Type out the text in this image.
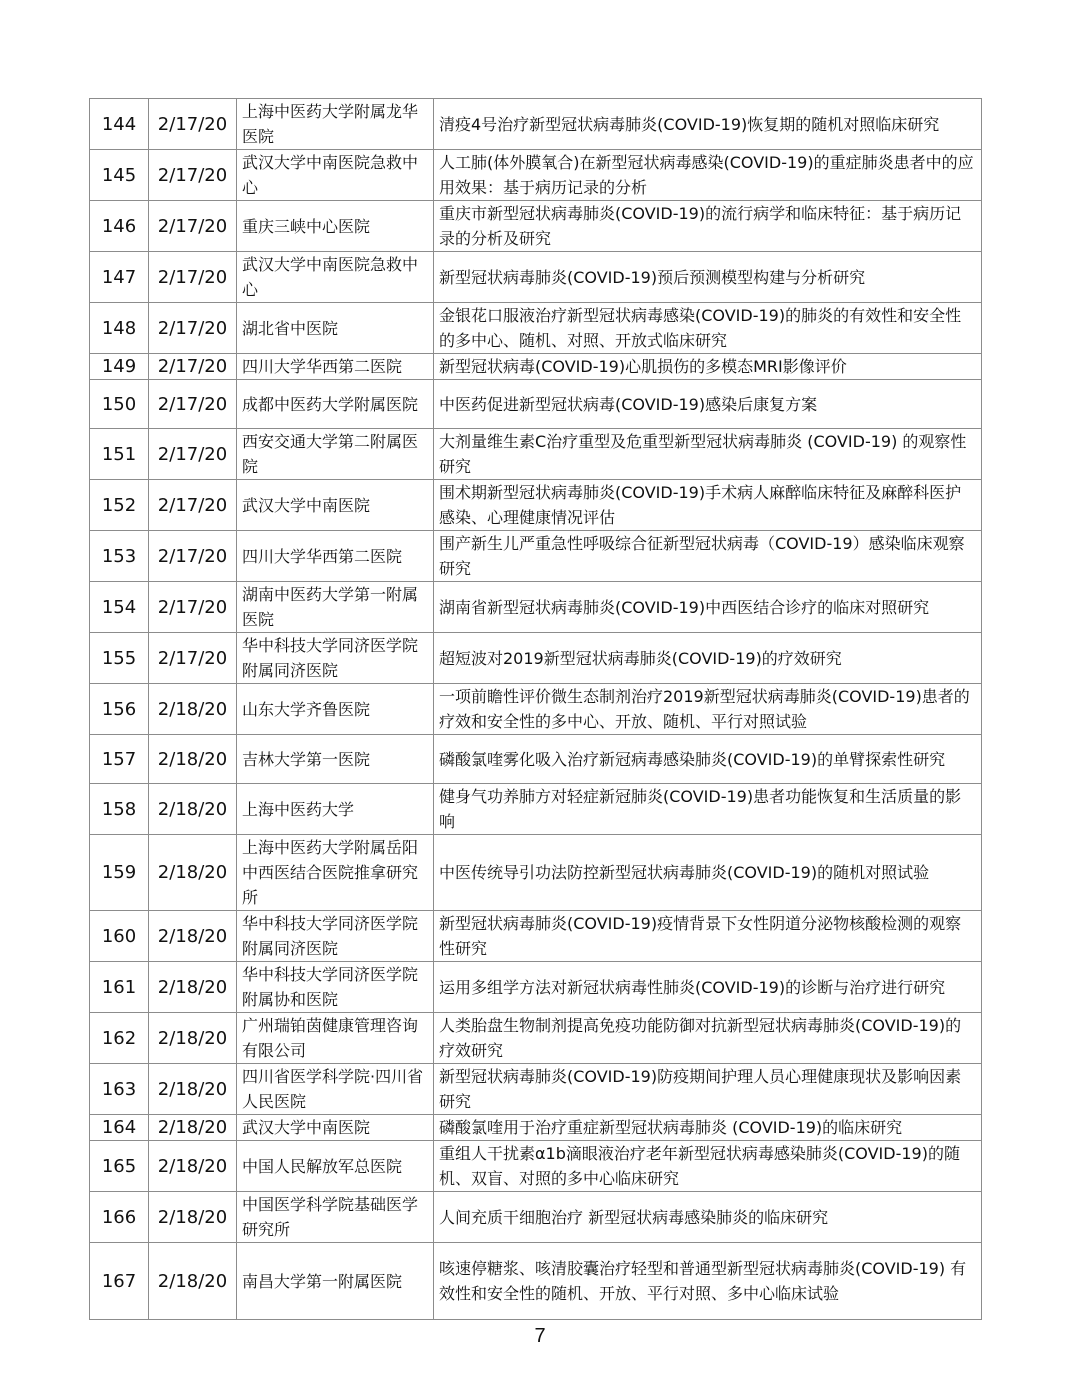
144	2/17/20	上海中医药大学附属龙华医院	清疫4号治疗新型冠状病毒肺炎(COVID-19)恢复期的随机对照临床研究
145	2/17/20	武汉大学中南医院急救中心	人工肺(体外膜氧合)在新型冠状病毒感染(COVID-19)的重症肺炎患者中的应用效果：基于病历记录的分析
146	2/17/20	重庆三峡中心医院	重庆市新型冠状病毒肺炎(COVID-19)的流行病学和临床特征：基于病历记录的分析及研究
147	2/17/20	武汉大学中南医院急救中心	新型冠状病毒肺炎(COVID-19)预后预测模型构建与分析研究
148	2/17/20	湖北省中医院	金银花口服液治疗新型冠状病毒感染(COVID-19)的肺炎的有效性和安全性的多中心、随机、对照、开放式临床研究
149	2/17/20	四川大学华西第二医院	新型冠状病毒(COVID-19)心肌损伤的多模态MRI影像评价
150	2/17/20	成都中医药大学附属医院	中医药促进新型冠状病毒(COVID-19)感染后康复方案
151	2/17/20	西安交通大学第二附属医院	大剂量维生素C治疗重型及危重型新型冠状病毒肺炎 (COVID-19) 的观察性研究
152	2/17/20	武汉大学中南医院	围术期新型冠状病毒肺炎(COVID-19)手术病人麻醉临床特征及麻醉科医护感染、心理健康情况评估
153	2/17/20	四川大学华西第二医院	围产新生儿严重急性呼吸综合征新型冠状病毒（COVID-19）感染临床观察研究
154	2/17/20	湖南中医药大学第一附属医院	湖南省新型冠状病毒肺炎(COVID-19)中西医结合诊疗的临床对照研究
155	2/17/20	华中科技大学同济医学院附属同济医院	超短波对2019新型冠状病毒肺炎(COVID-19)的疗效研究
156	2/18/20	山东大学齐鲁医院	一项前瞻性评价微生态制剂治疗2019新型冠状病毒肺炎(COVID-19)患者的疗效和安全性的多中心、开放、随机、平行对照试验
157	2/18/20	吉林大学第一医院	磷酸氯喹雾化吸入治疗新冠病毒感染肺炎(COVID-19)的单臂探索性研究
158	2/18/20	上海中医药大学	健身气功养肺方对轻症新冠肺炎(COVID-19)患者功能恢复和生活质量的影响
159	2/18/20	上海中医药大学附属岳阳中西医结合医院推拿研究所	中医传统导引功法防控新型冠状病毒肺炎(COVID-19)的随机对照试验
160	2/18/20	华中科技大学同济医学院附属同济医院	新型冠状病毒肺炎(COVID-19)疫情背景下女性阴道分泌物核酸检测的观察性研究
161	2/18/20	华中科技大学同济医学院附属协和医院	运用多组学方法对新冠状病毒性肺炎(COVID-19)的诊断与治疗进行研究
162	2/18/20	广州瑞铂茵健康管理咨询有限公司	人类胎盘生物制剂提高免疫功能防御对抗新型冠状病毒肺炎(COVID-19)的疗效研究
163	2/18/20	四川省医学科学院·四川省人民医院	新型冠状病毒肺炎(COVID-19)防疫期间护理人员心理健康现状及影响因素研究
164	2/18/20	武汉大学中南医院	磷酸氯喹用于治疗重症新型冠状病毒肺炎 (COVID-19)的临床研究
165	2/18/20	中国人民解放军总医院	重组人干扰素α1b滴眼液治疗老年新型冠状病毒感染肺炎(COVID-19)的随机、双盲、对照的多中心临床研究
166	2/18/20	中国医学科学院基础医学研究所	人间充质干细胞治疗 新型冠状病毒感染肺炎的临床研究
167	2/18/20	南昌大学第一附属医院	咳速停糖浆、咳清胶囊治疗轻型和普通型新型冠状病毒肺炎(COVID-19) 有效性和安全性的随机、开放、平行对照、多中心临床试验
7
